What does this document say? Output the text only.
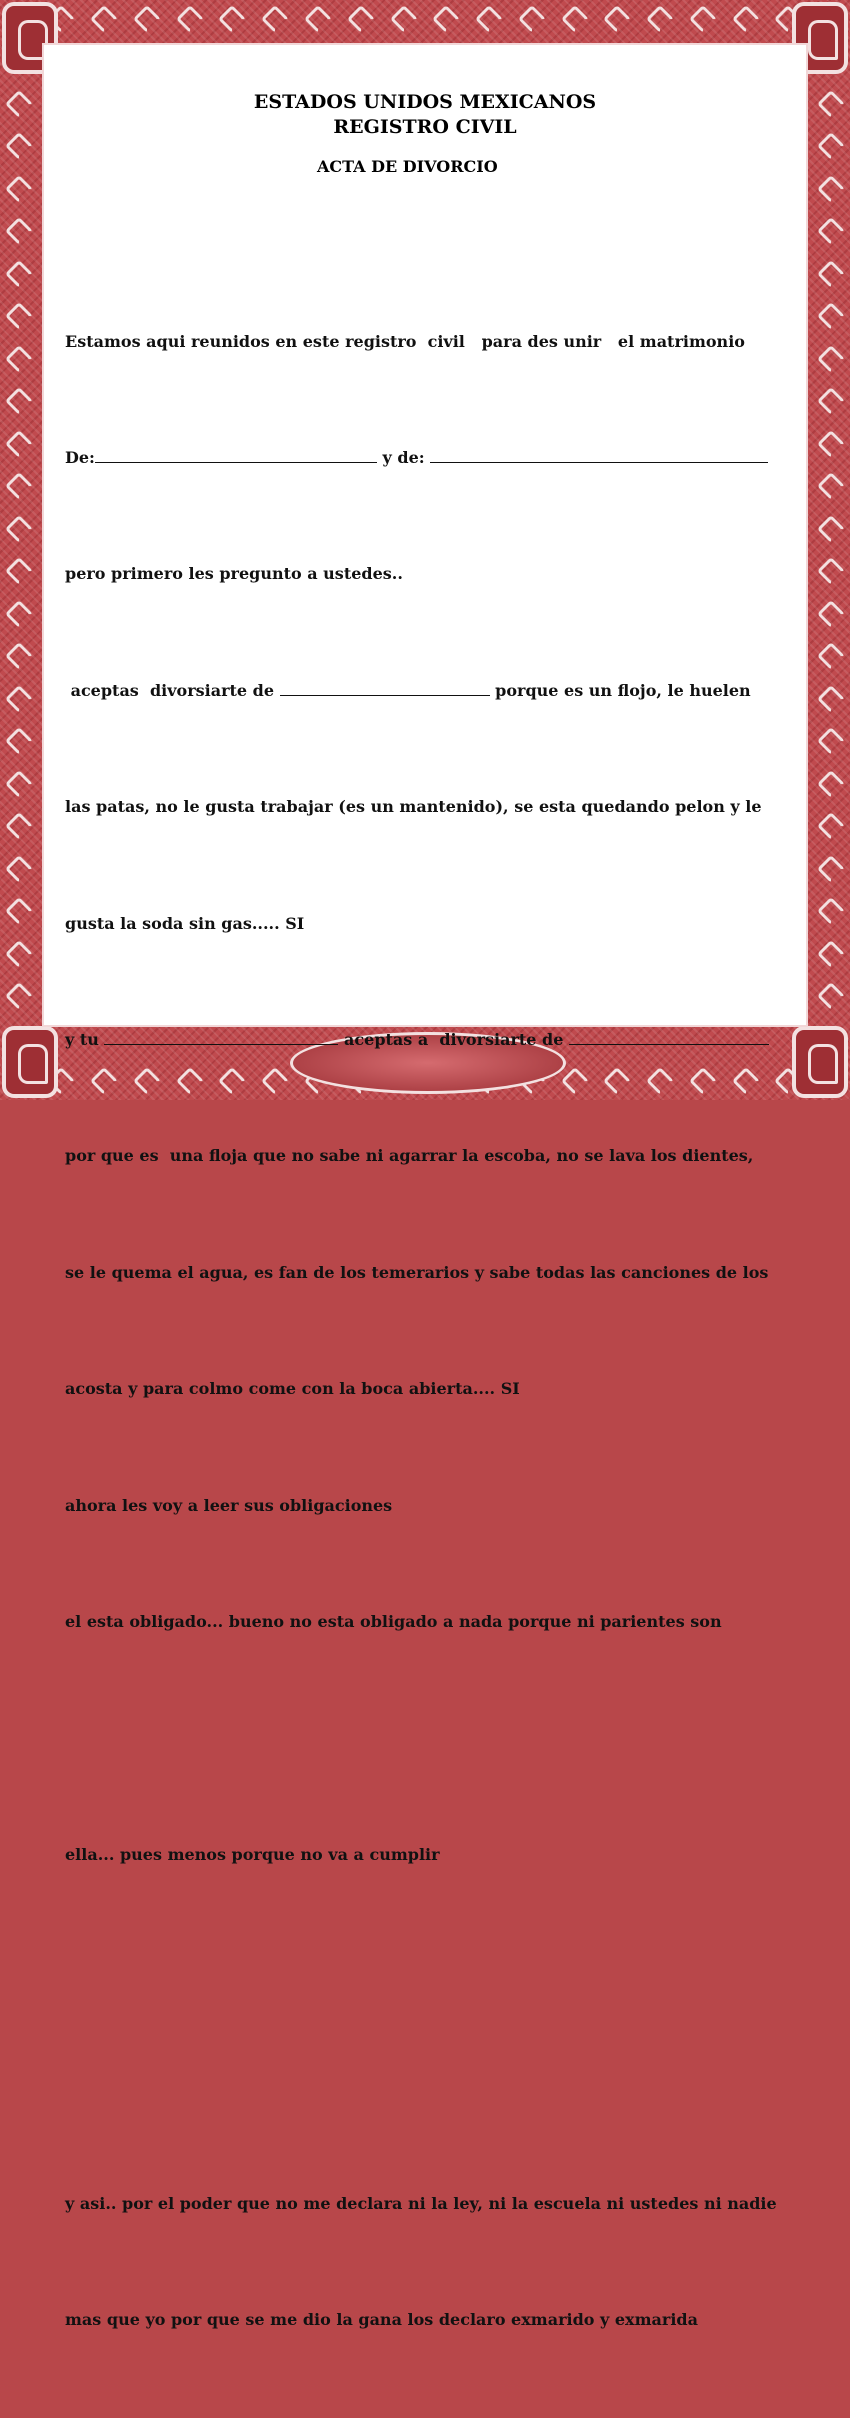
ESTADOS UNIDOS MEXICANOS
REGISTRO CIVIL
ACTA DE DIVORCIO

Estamos aqui reunidos en este registro  civil   para des unir   el matrimonio

De:	y de:

pero primero les pregunto a ustedes..

aceptas  divorsiarte de	porque es un flojo, le huelen

las patas, no le gusta trabajar (es un mantenido), se esta quedando pelon y le

gusta la soda sin gas..... SI

y tu	aceptas a  divorsiarte de

por que es  una floja que no sabe ni agarrar la escoba, no se lava los dientes,

se le quema el agua, es fan de los temerarios y sabe todas las canciones de los

acosta y para colmo come con la boca abierta.... SI

ahora les voy a leer sus obligaciones

el esta obligado... bueno no esta obligado a nada porque ni parientes son

ella... pues menos porque no va a cumplir

y asi.. por el poder que no me declara ni la ley, ni la escuela ni ustedes ni nadie

mas que yo por que se me dio la gana los declaro exmarido y exmarida
